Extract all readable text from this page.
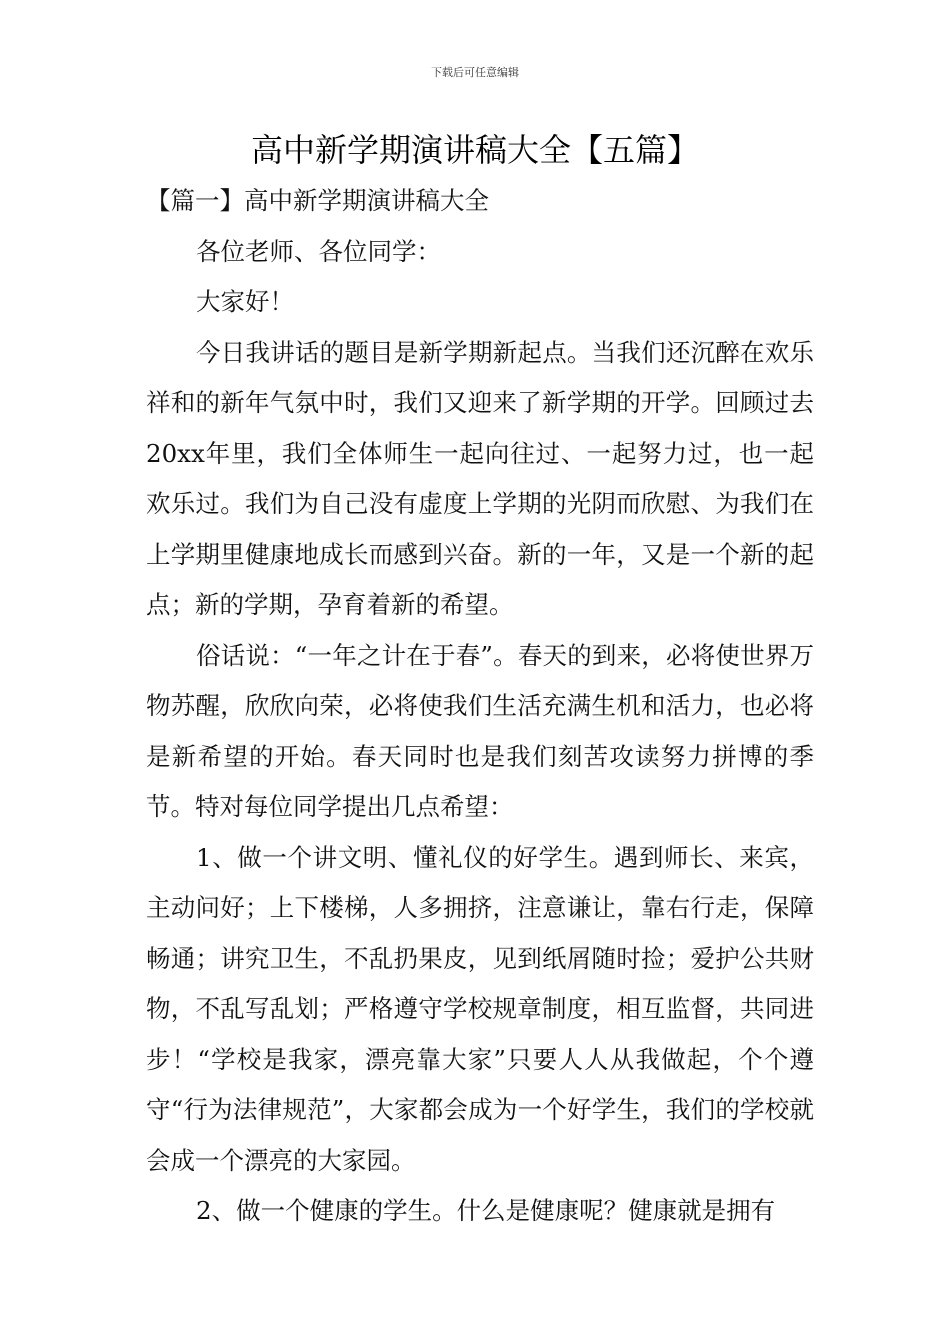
下载后可任意编辑
高中新学期演讲稿大全【五篇】

【篇一】高中新学期演讲稿大全

各位老师、各位同学：

大家好！

今日我讲话的题目是新学期新起点。当我们还沉醉在欢乐祥和的新年气氛中时，我们又迎来了新学期的开学。回顾过去20xx年里，我们全体师生一起向往过、一起努力过，也一起欢乐过。我们为自己没有虚度上学期的光阴而欣慰、为我们在上学期里健康地成长而感到兴奋。新的一年，又是一个新的起点；新的学期，孕育着新的希望。

俗话说：“一年之计在于春”。春天的到来，必将使世界万物苏醒，欣欣向荣，必将使我们生活充满生机和活力，也必将是新希望的开始。春天同时也是我们刻苦攻读努力拼博的季节。特对每位同学提出几点希望：

1、做一个讲文明、懂礼仪的好学生。遇到师长、来宾，主动问好；上下楼梯，人多拥挤，注意谦让，靠右行走，保障畅通；讲究卫生，不乱扔果皮，见到纸屑随时捡；爱护公共财物，不乱写乱划；严格遵守学校规章制度，相互监督，共同进步！“学校是我家，漂亮靠大家”只要人人从我做起，个个遵守“行为法律规范”，大家都会成为一个好学生，我们的学校就会成一个漂亮的大家园。

2、做一个健康的学生。什么是健康呢？健康就是拥有
